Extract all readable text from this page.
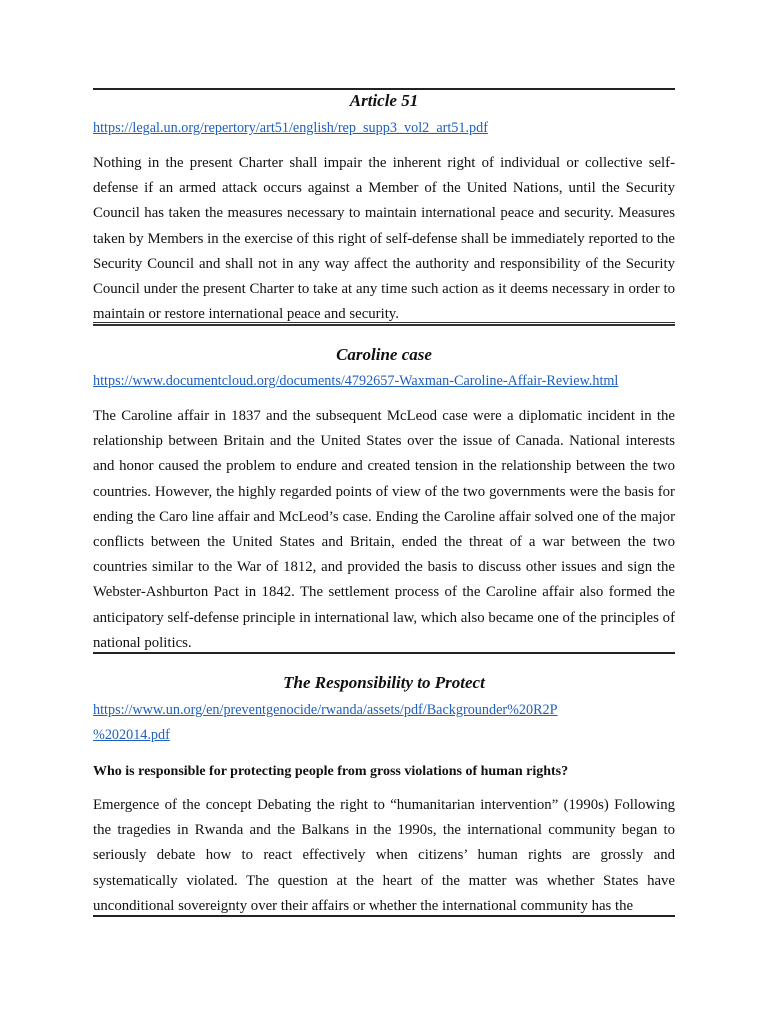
Article 51
https://legal.un.org/repertory/art51/english/rep_supp3_vol2_art51.pdf

Nothing in the present Charter shall impair the inherent right of individual or collective self-defense if an armed attack occurs against a Member of the United Nations, until the Security Council has taken the measures necessary to maintain international peace and security. Measures taken by Members in the exercise of this right of self-defense shall be immediately reported to the Security Council and shall not in any way affect the authority and responsibility of the Security Council under the present Charter to take at any time such action as it deems necessary in order to maintain or restore international peace and security.

Caroline case
https://www.documentcloud.org/documents/4792657-Waxman-Caroline-Affair-Review.html

The Caroline affair in 1837 and the subsequent McLeod case were a diplomatic incident in the relationship between Britain and the United States over the issue of Canada. National interests and honor caused the problem to endure and created tension in the relationship between the two countries. However, the highly regarded points of view of the two governments were the basis for ending the Caro line affair and McLeod’s case. Ending the Caroline affair solved one of the major conflicts between the United States and Britain, ended the threat of a war between the two countries similar to the War of 1812, and provided the basis to discuss other issues and sign the Webster-Ashburton Pact in 1842. The settlement process of the Caroline affair also formed the anticipatory self-defense principle in international law, which also became one of the principles of national politics.

The Responsibility to Protect
https://www.un.org/en/preventgenocide/rwanda/assets/pdf/Backgrounder%20R2P
%202014.pdf

Who is responsible for protecting people from gross violations of human rights?

Emergence of the concept Debating the right to “humanitarian intervention” (1990s) Following the tragedies in Rwanda and the Balkans in the 1990s, the international community began to seriously debate how to react effectively when citizens’ human rights are grossly and systematically violated. The question at the heart of the matter was whether States have unconditional sovereignty over their affairs or whether the international community has the
